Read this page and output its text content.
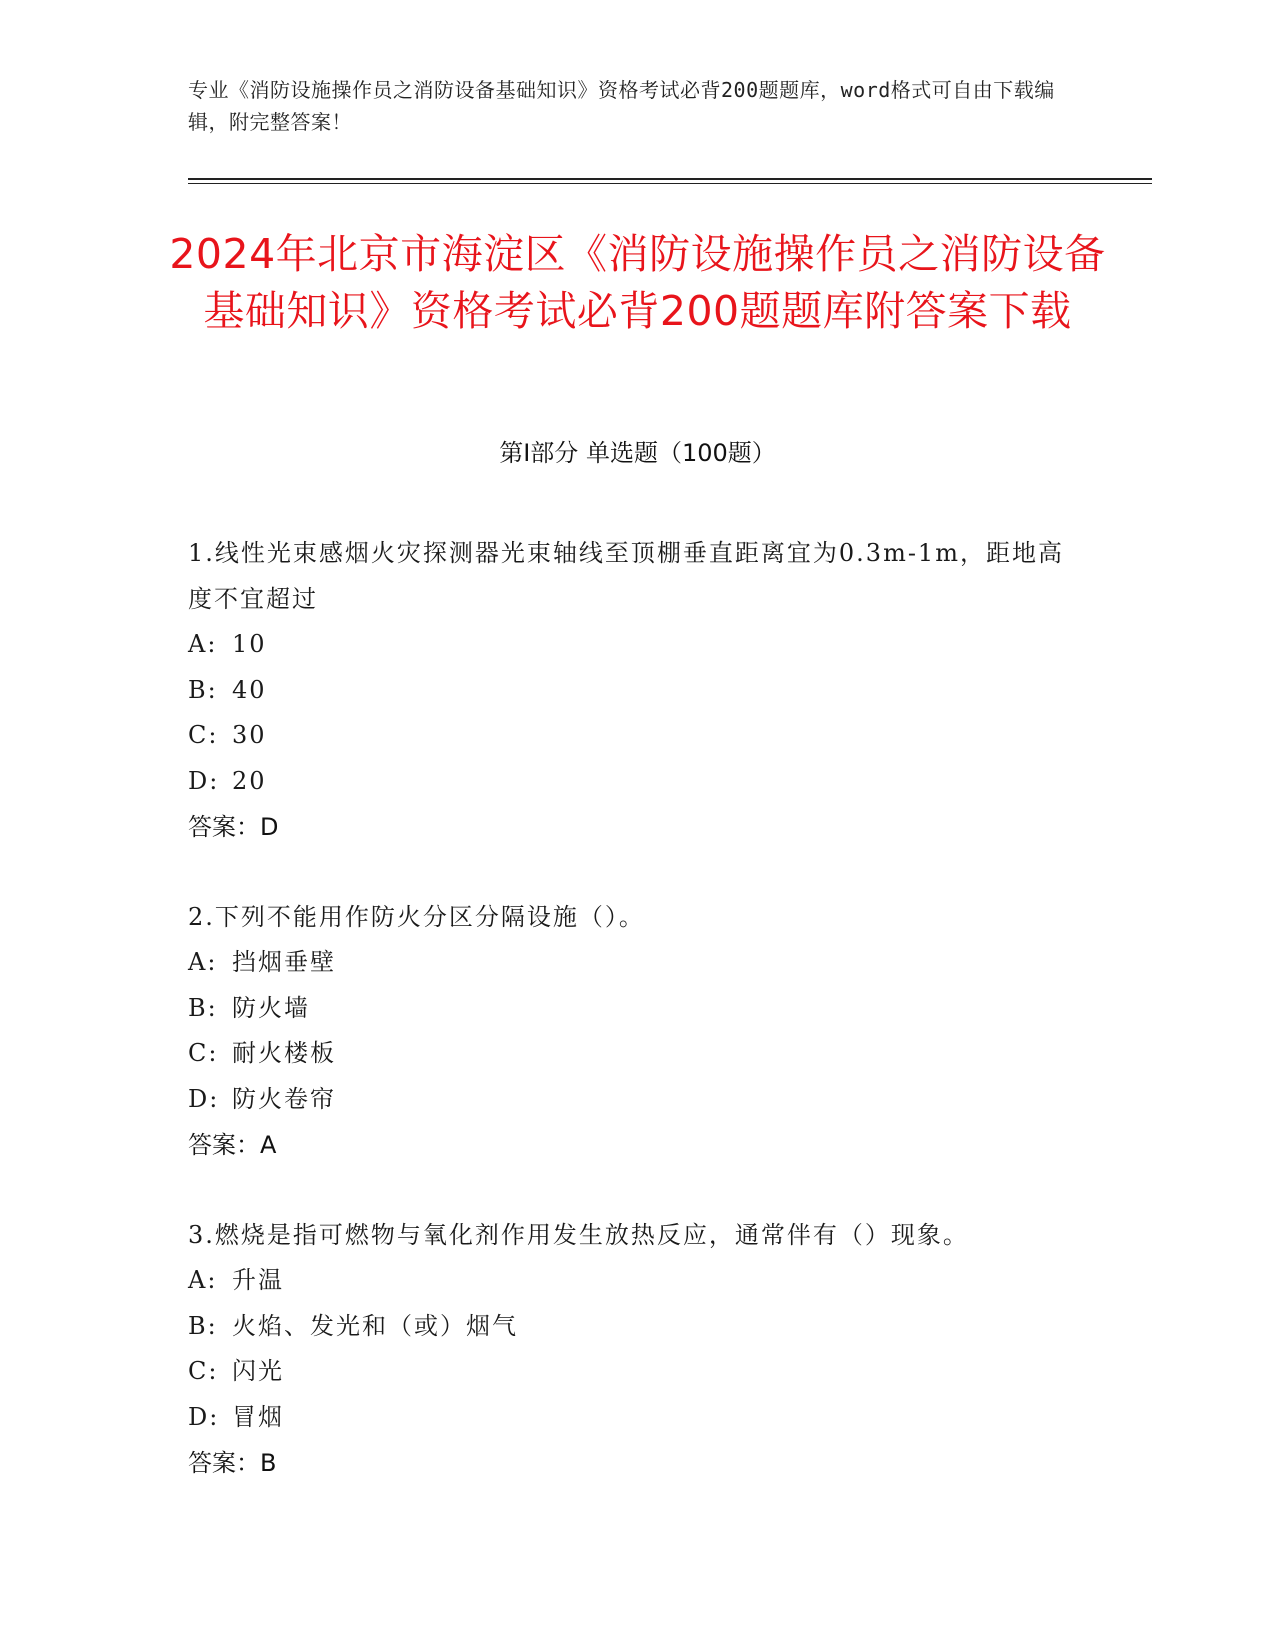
专业《消防设施操作员之消防设备基础知识》资格考试必背200题题库，word格式可自由下载编辑，附完整答案！
2024年北京市海淀区《消防设施操作员之消防设备基础知识》资格考试必背200题题库附答案下载
第Ⅰ部分 单选题（100题）
1.线性光束感烟火灾探测器光束轴线至顶棚垂直距离宜为0.3m-1m，距地高度不宜超过
A: 10
B: 40
C: 30
D: 20
答案：D
2.下列不能用作防火分区分隔设施（）。
A: 挡烟垂壁
B: 防火墙
C: 耐火楼板
D: 防火卷帘
答案：A
3.燃烧是指可燃物与氧化剂作用发生放热反应，通常伴有（）现象。
A: 升温
B: 火焰、发光和（或）烟气
C: 闪光
D: 冒烟
答案：B
